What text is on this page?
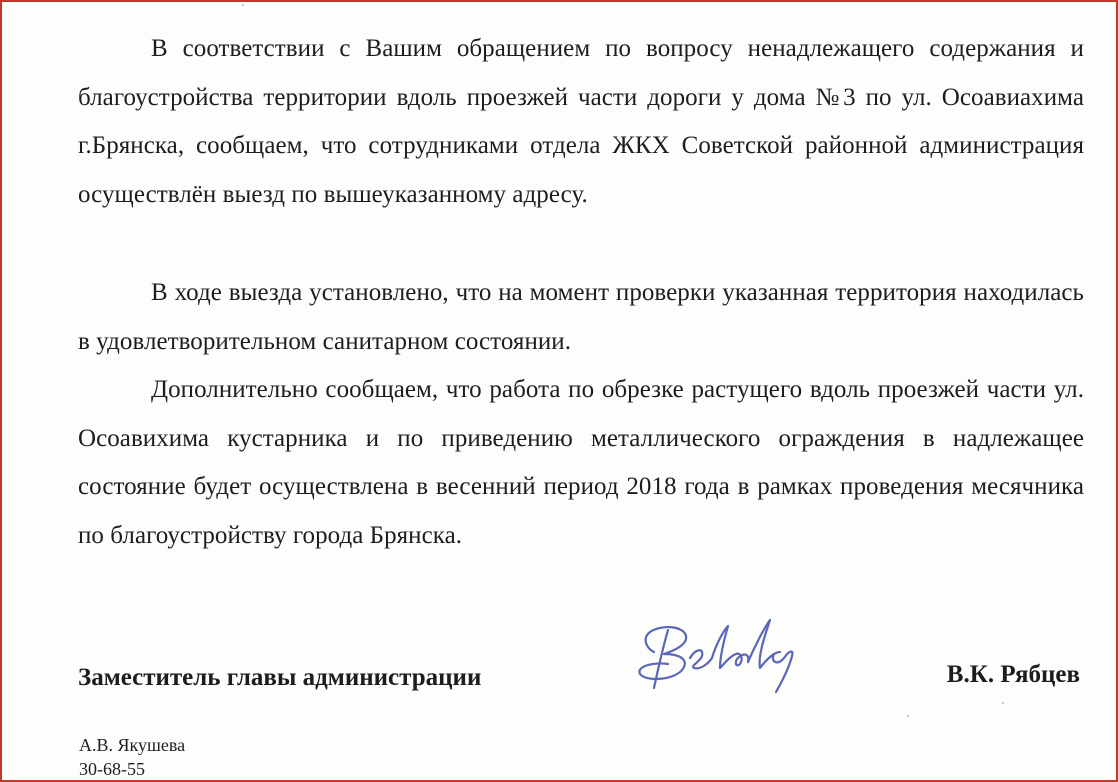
В соответствии с Вашим обращением по вопросу ненадлежащего содержания и благоустройства территории вдоль проезжей части дороги у дома №3 по ул. Осоавиахима г.Брянска, сообщаем, что сотрудниками отдела ЖКХ Советской районной администрация осуществлён выезд по вышеуказанному адресу.

В ходе выезда установлено, что на момент проверки указанная территория находилась в удовлетворительном санитарном состоянии.

Дополнительно сообщаем, что работа по обрезке растущего вдоль проезжей части ул. Осоавихима кустарника и по приведению металлического ограждения в надлежащее состояние будет осуществлена в весенний период 2018 года в рамках проведения месячника по благоустройству города Брянска.

Заместитель главы администрации	В.К. Рябцев

А.В. Якушева
30-68-55
